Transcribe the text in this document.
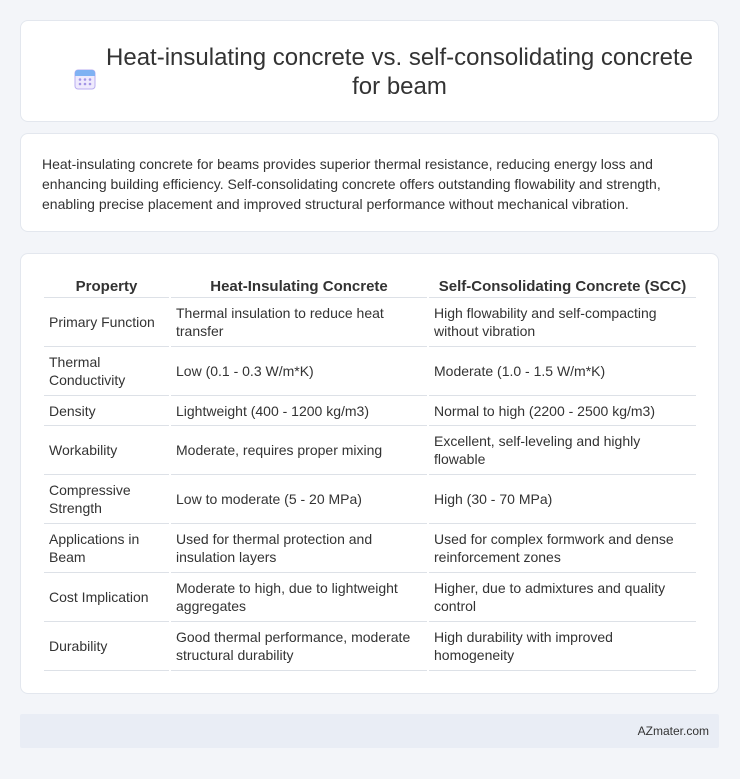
Heat-insulating concrete vs. self-consolidating concrete for beam

Heat-insulating concrete for beams provides superior thermal resistance, reducing energy loss and enhancing building efficiency. Self-consolidating concrete offers outstanding flowability and strength, enabling precise placement and improved structural performance without mechanical vibration.

Property	Heat-Insulating Concrete	Self-Consolidating Concrete (SCC)
Primary Function	Thermal insulation to reduce heat transfer	High flowability and self-compacting without vibration
Thermal Conductivity	Low (0.1 - 0.3 W/m*K)	Moderate (1.0 - 1.5 W/m*K)
Density	Lightweight (400 - 1200 kg/m3)	Normal to high (2200 - 2500 kg/m3)
Workability	Moderate, requires proper mixing	Excellent, self-leveling and highly flowable
Compressive Strength	Low to moderate (5 - 20 MPa)	High (30 - 70 MPa)
Applications in Beam	Used for thermal protection and insulation layers	Used for complex formwork and dense reinforcement zones
Cost Implication	Moderate to high, due to lightweight aggregates	Higher, due to admixtures and quality control
Durability	Good thermal performance, moderate structural durability	High durability with improved homogeneity
AZmater.com
